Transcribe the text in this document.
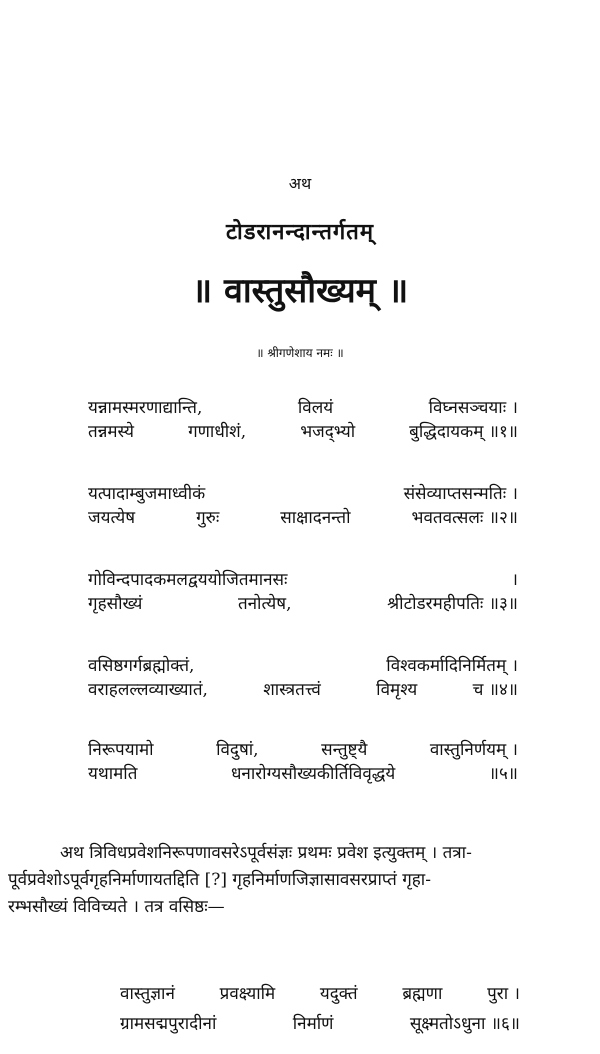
अथ
टोडरानन्दान्तर्गतम्
॥ वास्तुसौख्यम् ॥
॥ श्रीगणेशाय नमः ॥
यन्नामस्मरणाद्यान्ति,	विलयं	विघ्नसञ्चयाः ।
तन्नमस्ये	गणाधीशं,	भजद्भ्यो	बुद्धिदायकम् ॥१॥
यत्पादाम्बुजमाध्वीकं	संसेव्याप्तसन्मतिः ।
जयत्येष	गुरुः	साक्षादनन्तो	भवतवत्सलः ॥२॥
गोविन्दपादकमलद्वययोजितमानसः	।
गृहसौख्यं	तनोत्येष,	श्रीटोडरमहीपतिः ॥३॥
वसिष्ठगर्गब्रह्मोक्तं,	विश्वकर्मादिनिर्मितम् ।
वराहलल्लव्याख्यातं,	शास्त्रतत्त्वं	विमृश्य	च ॥४॥
निरूपयामो	विदुषां,	सन्तुष्ट्यै	वास्तुनिर्णयम् ।
यथामति	धनारोग्यसौख्यकीर्तिविवृद्धये	॥५॥
अथ त्रिविधप्रवेशनिरूपणावसरेऽपूर्वसंज्ञः प्रथमः प्रवेश इत्युक्तम् । तत्रा-
पूर्वप्रवेशोऽपूर्वगृहनिर्माणायतद्दिति [?] गृहनिर्माणजिज्ञासावसरप्राप्तं गृहा-
रम्भसौख्यं विविच्यते । तत्र वसिष्ठः—
वास्तुज्ञानं	प्रवक्ष्यामि	यदुक्तं	ब्रह्मणा	पुरा ।
ग्रामसद्मपुरादीनां	निर्माणं	सूक्ष्मतोऽधुना ॥६॥
